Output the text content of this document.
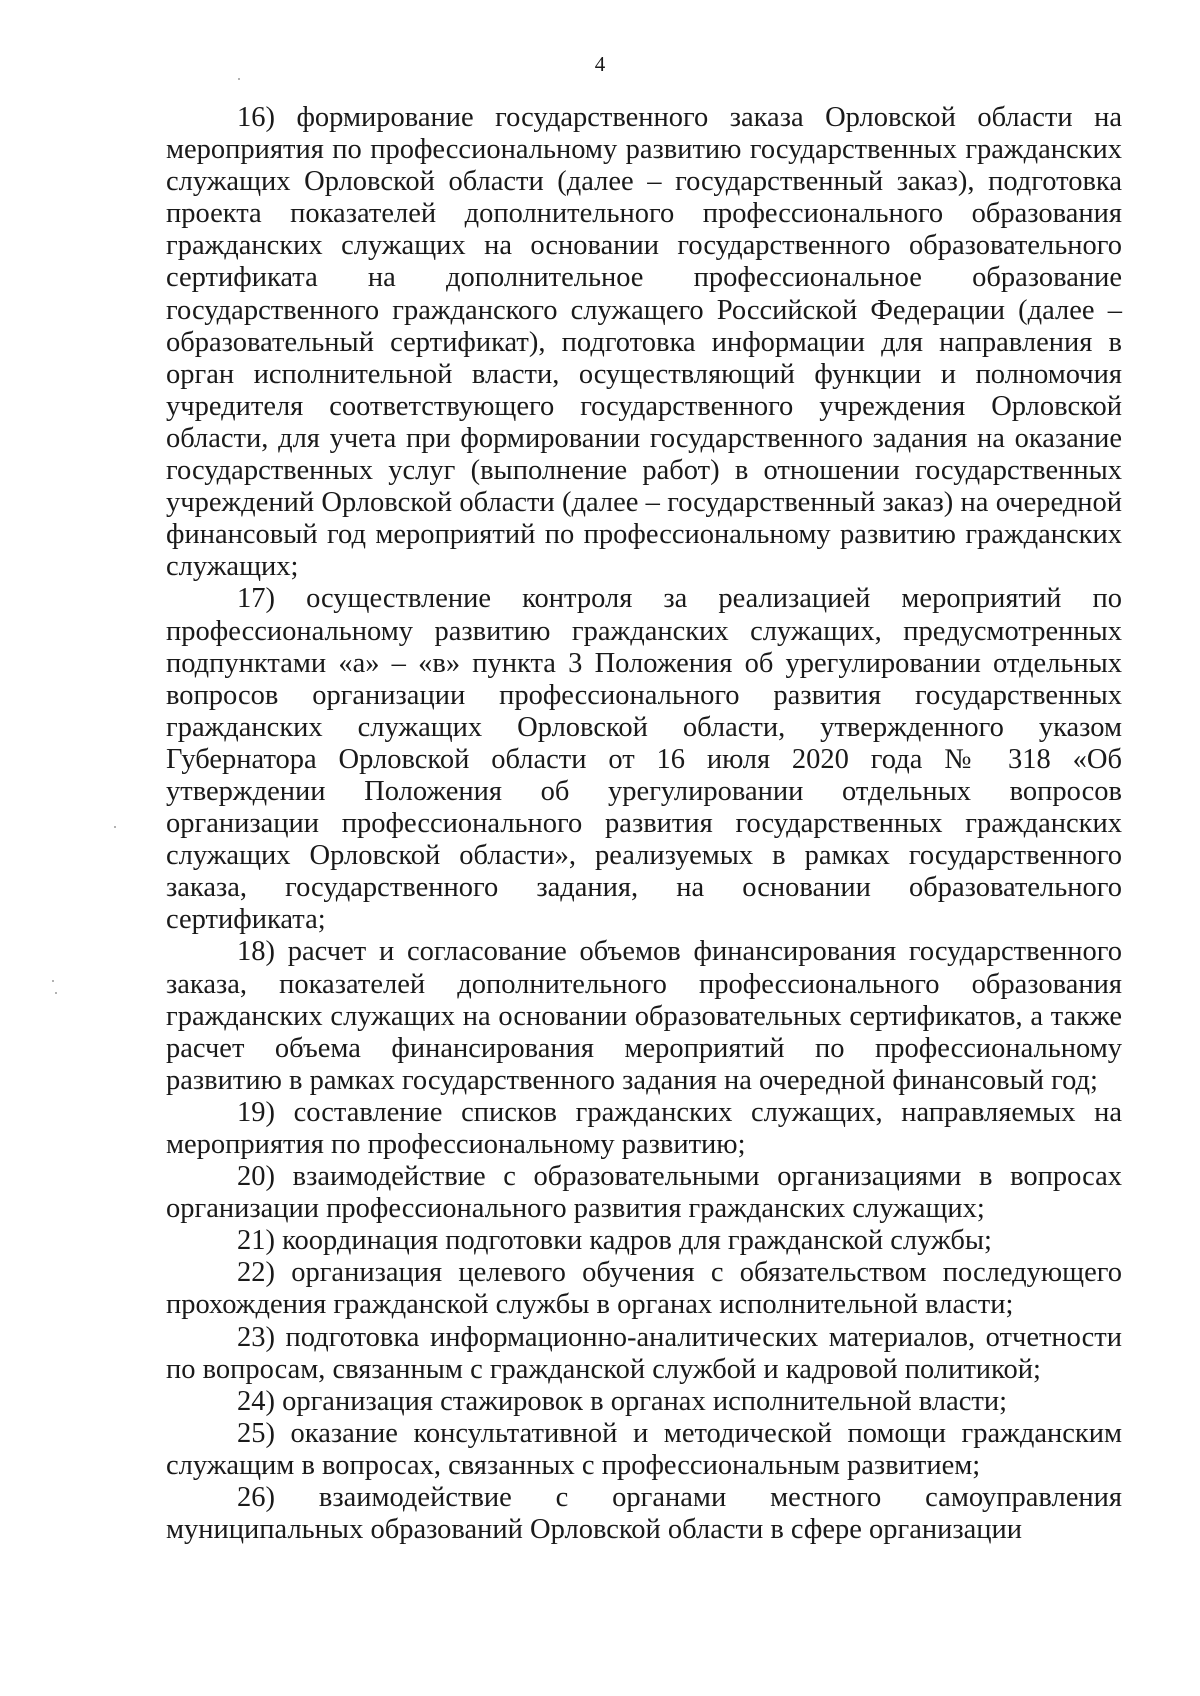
4

16) формирование государственного заказа Орловской области на мероприятия по профессиональному развитию государственных гражданских служащих Орловской области (далее – государственный заказ), подготовка проекта показателей дополнительного профессионального образования гражданских служащих на основании государственного образовательного сертификата на дополнительное профессиональное образование государственного гражданского служащего Российской Федерации (далее – образовательный сертификат), подготовка информации для направления в орган исполнительной власти, осуществляющий функции и полномочия учредителя соответствующего государственного учреждения Орловской области, для учета при формировании государственного задания на оказание государственных услуг (выполнение работ) в отношении государственных учреждений Орловской области (далее – государственный заказ) на очередной финансовый год мероприятий по профессиональному развитию гражданских служащих;

17) осуществление контроля за реализацией мероприятий по профессиональному развитию гражданских служащих, предусмотренных подпунктами «а» – «в» пункта 3 Положения об урегулировании отдельных вопросов организации профессионального развития государственных гражданских служащих Орловской области, утвержденного указом Губернатора Орловской области от 16 июля 2020 года № 318 «Об утверждении Положения об урегулировании отдельных вопросов организации профессионального развития государственных гражданских служащих Орловской области», реализуемых в рамках государственного заказа, государственного задания, на основании образовательного сертификата;

18) расчет и согласование объемов финансирования государственного заказа, показателей дополнительного профессионального образования гражданских служащих на основании образовательных сертификатов, а также расчет объема финансирования мероприятий по профессиональному развитию в рамках государственного задания на очередной финансовый год;

19) составление списков гражданских служащих, направляемых на мероприятия по профессиональному развитию;

20) взаимодействие с образовательными организациями в вопросах организации профессионального развития гражданских служащих;

21) координация подготовки кадров для гражданской службы;

22) организация целевого обучения с обязательством последующего прохождения гражданской службы в органах исполнительной власти;

23) подготовка информационно-аналитических материалов, отчетности по вопросам, связанным с гражданской службой и кадровой политикой;

24) организация стажировок в органах исполнительной власти;

25) оказание консультативной и методической помощи гражданским служащим в вопросах, связанных с профессиональным развитием;

26) взаимодействие с органами местного самоуправления муниципальных образований Орловской области в сфере организации
